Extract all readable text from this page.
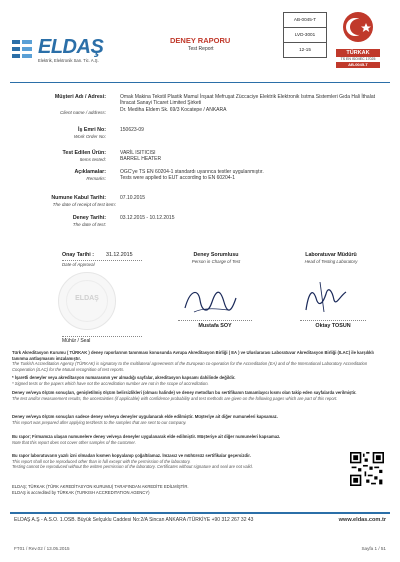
ELDAŞ
Elektrik, Elektronik San. Tic. A.Ş.
DENEY RAPORU
Test Report
AB-0045-T
LVD-3001
12-15
TÜRKAK
TS EN ISO/IEC 17025
AB-0045-T
Müşteri Adı / Adresi:
Client name / address:
Omak Makina Tekstil Plastik Mamul İnşaat Mefruşat Züccaciye Elektrik Elektronik Isıtma Sistemleri Gıda Hali İthalat İhracat Sanayi Ticaret Limited Şirketi
Dr. Mediha Eldem Sk. 69/3 Kocatepe / ANKARA
İş Emri No:
Work Order No:
150623-09
Test Edilen Ürün:
Items tested:
VARİL ISITICISI
BARREL HEATER
Açıklamalar:
Remarks:
OGC'ye TS EN 60204-1 standardı uyarınca testler uygulanmıştır.
Tests were applied to EUT according to EN 60204-1
Numune Kabul Tarihi:
The date of receipt of test item:
07.10.2015
Deney Tarihi:
The date of test:
03.12.2015 - 10.12.2015
Onay Tarihi : 31.12.2015
Date of Approval
ELDAŞ
Mühür / Seal
Deney Sorumlusu
Person in Charge of Test
Mustafa SOY
Laboratuvar Müdürü
Head of Testing Laboratory
Oktay TOSUN
Türk Akreditasyon Kurumu ( TÜRKAK ) deney raporlarının tanınması konusunda Avrupa Akreditasyon Birliği ( EA ) ve Uluslararası Laboratuvar Akreditasyon Birliği (ILAC) ile karşılıklı tanınma antlaşmasını imzalamıştır.
The Turkish Accreditation Agency (TÜRKAK) is signatory to the multilateral agreements of the European co-operation for the Accreditation (EA) and of the International Laboratory Accreditation Cooperation (ILAC) for the Mutual recognition of test reports.
* İşaretli deneyler veya akreditasyon numarasının yer almadığı sayfalar, akreditasyon kapsamı dahilinde değildir.
* Signed tests or the papers which have not the accreditation number are not in the scope of accreditation.
Deney ve/veya ölçüm sonuçları, genişletilmiş ölçüm belirsizlikleri (olması halinde) ve deney metodları bu sertifikanın tamamlayıcı kısmı olan takip eden sayfalarda verilmiştir.
The test and/or measurement results, the uncertainties (if applicable) with confidence probability and test methods are given on the following pages which are part of this report.
Deney ve/veya ölçüm sonuçları sadece deney ve/veya deneyler uygulanarak elde edilmiştir. Müşteriye ait diğer numuneleri kapsamaz.
This report was prepared after applying test/tests to the samples that are sent to our company.
Bu rapor; Firmamıza ulaşan numunelere deney ve/veya deneyler uygulanarak elde edilmiştir. Müşteriye ait diğer numuneleri kapsamaz.
Note that this report does not cover other samples of the customer.
Bu rapor laboratuvarın yazılı izni olmadan kısmen kopyalanıp çoğaltılamaz. İmzasız ve mühürsüz sertifikalar geçersizdir.
This report shall not be reproduced other than in full except with the permission of the laboratory.
Testing cannot be reproduced without the written permission of the laboratory. Certificates without signature and seal are not valid.
ELDAŞ; TÜRKAK (TÜRK AKREDİTASYON KURUMU) TARAFINDAN AKREDİTE EDİLMİŞTİR.
ELDAŞ is accredited by TÜRKAK (TURKISH ACCREDITATION AGENCY)
ELDAŞ A.Ş - A.S.O. 1.OSB. Büyük Selçuklu Caddesi No:2/A Sincan ANKARA /TÜRKİYE +90 312 267 32 43	www.eldas.com.tr
FT01 / Rev.02 / 13.05.2015	Sayfa 1 / 51
